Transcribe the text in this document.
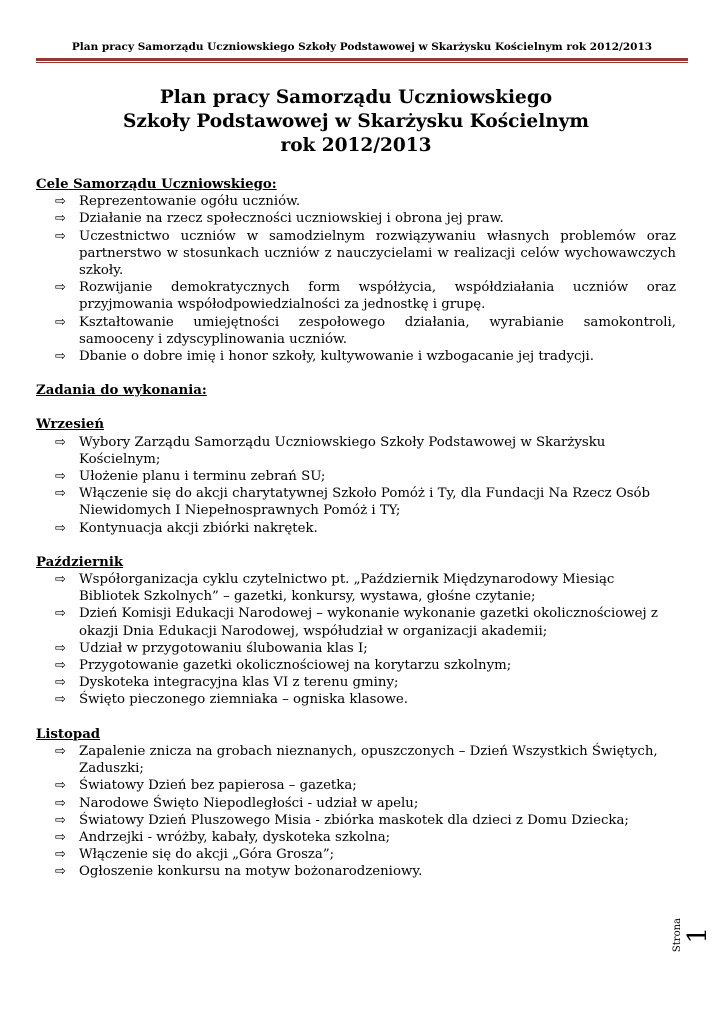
Plan pracy Samorządu Uczniowskiego Szkoły Podstawowej w Skarżysku Kościelnym rok 2012/2013
Plan pracy Samorządu Uczniowskiego
Szkoły Podstawowej w Skarżysku Kościelnym
rok 2012/2013
Cele Samorządu Uczniowskiego:
⇨ Reprezentowanie ogółu uczniów.
⇨ Działanie na rzecz społeczności uczniowskiej i obrona jej praw.
⇨ Uczestnictwo uczniów w samodzielnym rozwiązywaniu własnych problemów oraz partnerstwo w stosunkach uczniów z nauczycielami w realizacji celów wychowawczych szkoły.
⇨ Rozwijanie demokratycznych form współżycia, współdziałania uczniów oraz przyjmowania współodpowiedzialności za jednostkę i grupę.
⇨ Kształtowanie umiejętności zespołowego działania, wyrabianie samokontroli, samooceny i zdyscyplinowania uczniów.
⇨ Dbanie o dobre imię i honor szkoły, kultywowanie i wzbogacanie jej tradycji.
Zadania do wykonania:
Wrzesień
⇨ Wybory Zarządu Samorządu Uczniowskiego Szkoły Podstawowej w Skarżysku Kościelnym;
⇨ Ułożenie planu i terminu zebrań SU;
⇨ Włączenie się do akcji charytatywnej Szkoło Pomóż i Ty, dla Fundacji Na Rzecz Osób Niewidomych I Niepełnosprawnych Pomóż i TY;
⇨ Kontynuacja akcji zbiórki nakrętek.
Październik
⇨ Współorganizacja cyklu czytelnictwo pt. „Październik Międzynarodowy Miesiąc Bibliotek Szkolnych” – gazetki, konkursy, wystawa, głośne czytanie;
⇨ Dzień Komisji Edukacji Narodowej – wykonanie wykonanie gazetki okolicznościowej z okazji Dnia Edukacji Narodowej, współudział w organizacji akademii;
⇨ Udział w przygotowaniu ślubowania klas I;
⇨ Przygotowanie gazetki okolicznościowej na korytarzu szkolnym;
⇨ Dyskoteka integracyjna klas VI z terenu gminy;
⇨ Święto pieczonego ziemniaka – ogniska klasowe.
Listopad
⇨ Zapalenie znicza na grobach nieznanych, opuszczonych – Dzień Wszystkich Świętych, Zaduszki;
⇨ Światowy Dzień bez papierosa – gazetka;
⇨ Narodowe Święto Niepodległości - udział w apelu;
⇨ Światowy Dzień Pluszowego Misia - zbiórka maskotek dla dzieci z Domu Dziecka;
⇨ Andrzejki - wróżby, kabały, dyskoteka szkolna;
⇨ Włączenie się do akcji „Góra Grosza”;
⇨ Ogłoszenie konkursu na motyw bożonarodzeniowy.
Strona 1
